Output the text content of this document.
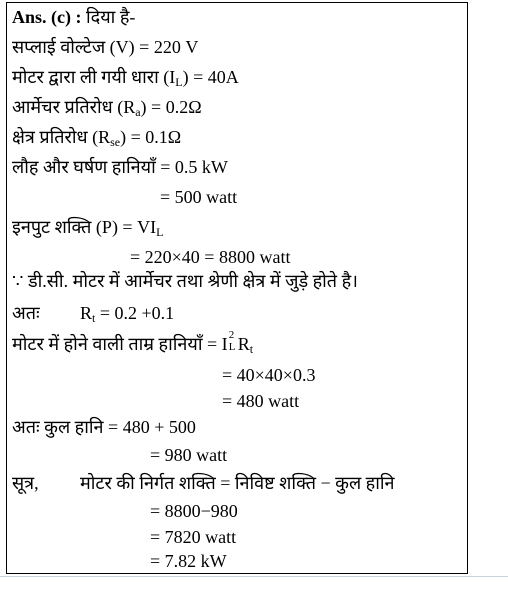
Ans. (c) : दिया है-
सप्लाई वोल्टेज (V) = 220 V
मोटर द्वारा ली गयी धारा $(I_L) = 40A$
आर्मेचर प्रतिरोध $(R_a) = 0.2\Omega$
क्षेत्र प्रतिरोध $(R_{se}) = 0.1\Omega$
लौह और घर्षण हानियाँ = 0.5 kW
= 500 watt
इनपुट शक्ति $(P) = VI_L$
= 220×40 = 8800 watt
∵ डी.सी. मोटर में आर्मेचर तथा श्रेणी क्षेत्र में जुड़े होते है।
अतः $R_t = 0.2 +0.1$
मोटर में होने वाली ताम्र हानियाँ = I 2
L $R_t$
= 40×40×0.3
= 480 watt
अतः कुल हानि = 480 + 500
= 980 watt
सूत्र, मोटर की निर्गत शक्ति = निविष्ट शक्ति − कुल हानि
= 8800−980
= 7820 watt
= 7.82 kW
